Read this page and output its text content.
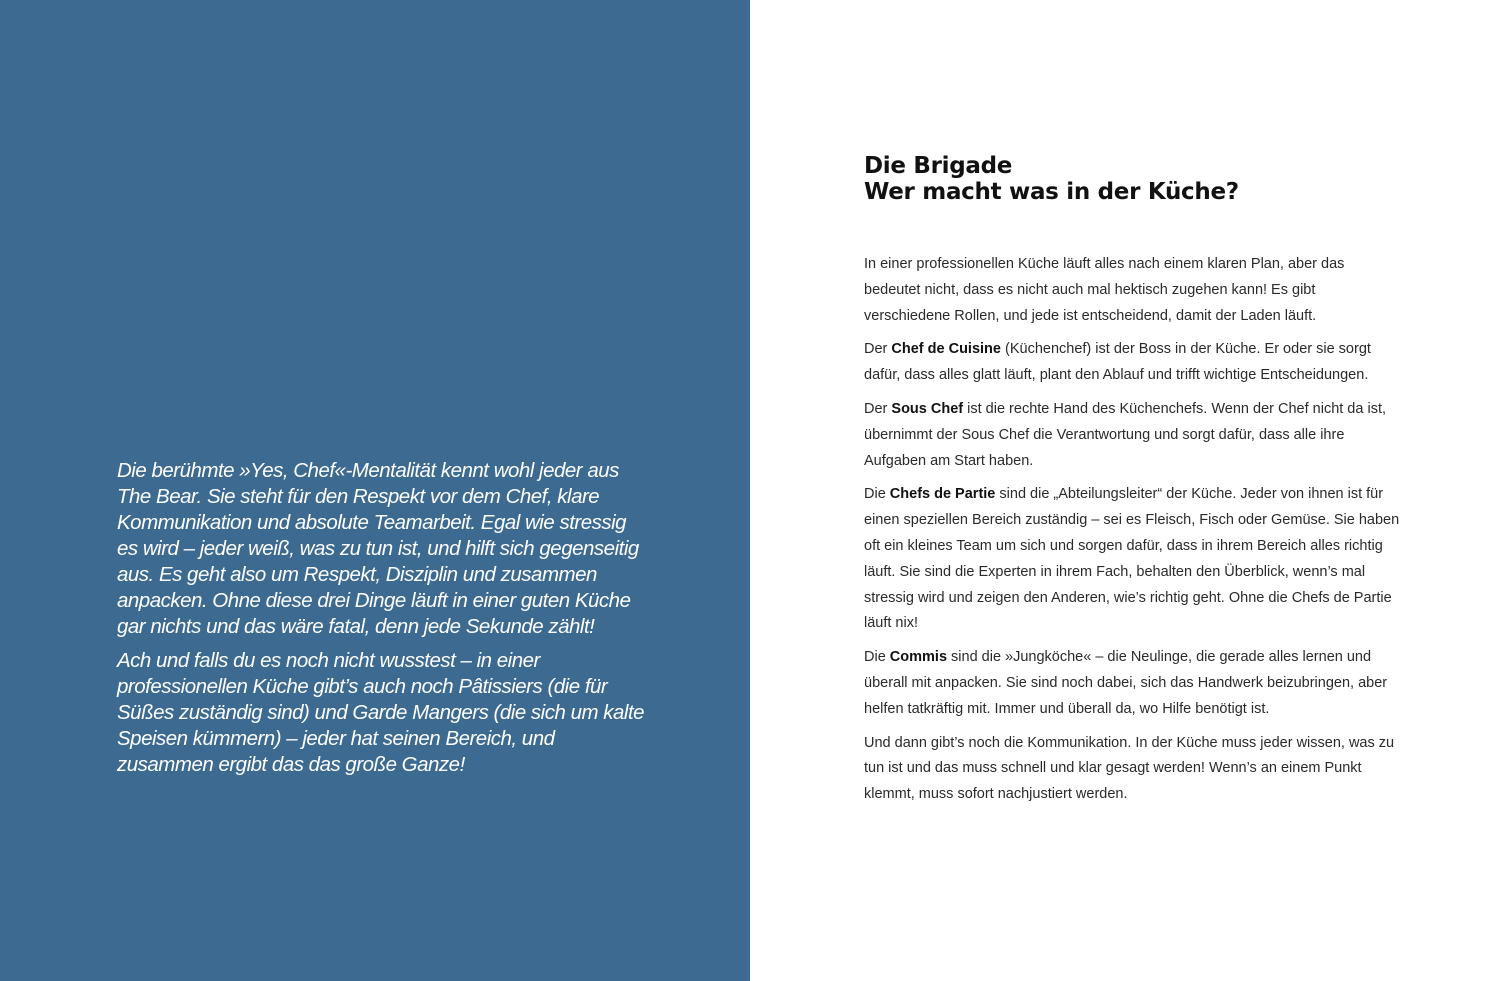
Die berühmte »Yes, Chef«-Mentalität kennt wohl jeder aus The Bear. Sie steht für den Respekt vor dem Chef, klare Kommunikation und absolute Teamarbeit. Egal wie stressig es wird – jeder weiß, was zu tun ist, und hilft sich gegenseitig aus. Es geht also um Respekt, Disziplin und zusammen anpacken. Ohne diese drei Dinge läuft in einer guten Küche gar nichts und das wäre fatal, denn jede Sekunde zählt!

Ach und falls du es noch nicht wusstest – in einer professionellen Küche gibt’s auch noch Pâtissiers (die für Süßes zuständig sind) und Garde Mangers (die sich um kalte Speisen kümmern) – jeder hat seinen Bereich, und zusammen ergibt das das große Ganze!

Die Brigade
Wer macht was in der Küche?

In einer professionellen Küche läuft alles nach einem klaren Plan, aber das bedeutet nicht, dass es nicht auch mal hektisch zugehen kann! Es gibt verschiedene Rollen, und jede ist entscheidend, damit der Laden läuft.

Der Chef de Cuisine (Küchenchef) ist der Boss in der Küche. Er oder sie sorgt dafür, dass alles glatt läuft, plant den Ablauf und trifft wichtige Entscheidungen.

Der Sous Chef ist die rechte Hand des Küchenchefs. Wenn der Chef nicht da ist, übernimmt der Sous Chef die Verantwortung und sorgt dafür, dass alle ihre Aufgaben am Start haben.

Die Chefs de Partie sind die „Abteilungsleiter“ der Küche. Jeder von ihnen ist für einen speziellen Bereich zuständig – sei es Fleisch, Fisch oder Gemüse. Sie haben oft ein kleines Team um sich und sorgen dafür, dass in ihrem Bereich alles richtig läuft. Sie sind die Experten in ihrem Fach, behalten den Überblick, wenn’s mal stressig wird und zeigen den Anderen, wie’s richtig geht. Ohne die Chefs de Partie läuft nix!

Die Commis sind die »Jungköche« – die Neulinge, die gerade alles lernen und überall mit anpacken. Sie sind noch dabei, sich das Handwerk beizubringen, aber helfen tatkräftig mit. Immer und überall da, wo Hilfe benötigt ist.

Und dann gibt’s noch die Kommunikation. In der Küche muss jeder wissen, was zu tun ist und das muss schnell und klar gesagt werden! Wenn’s an einem Punkt klemmt, muss sofort nachjustiert werden.
